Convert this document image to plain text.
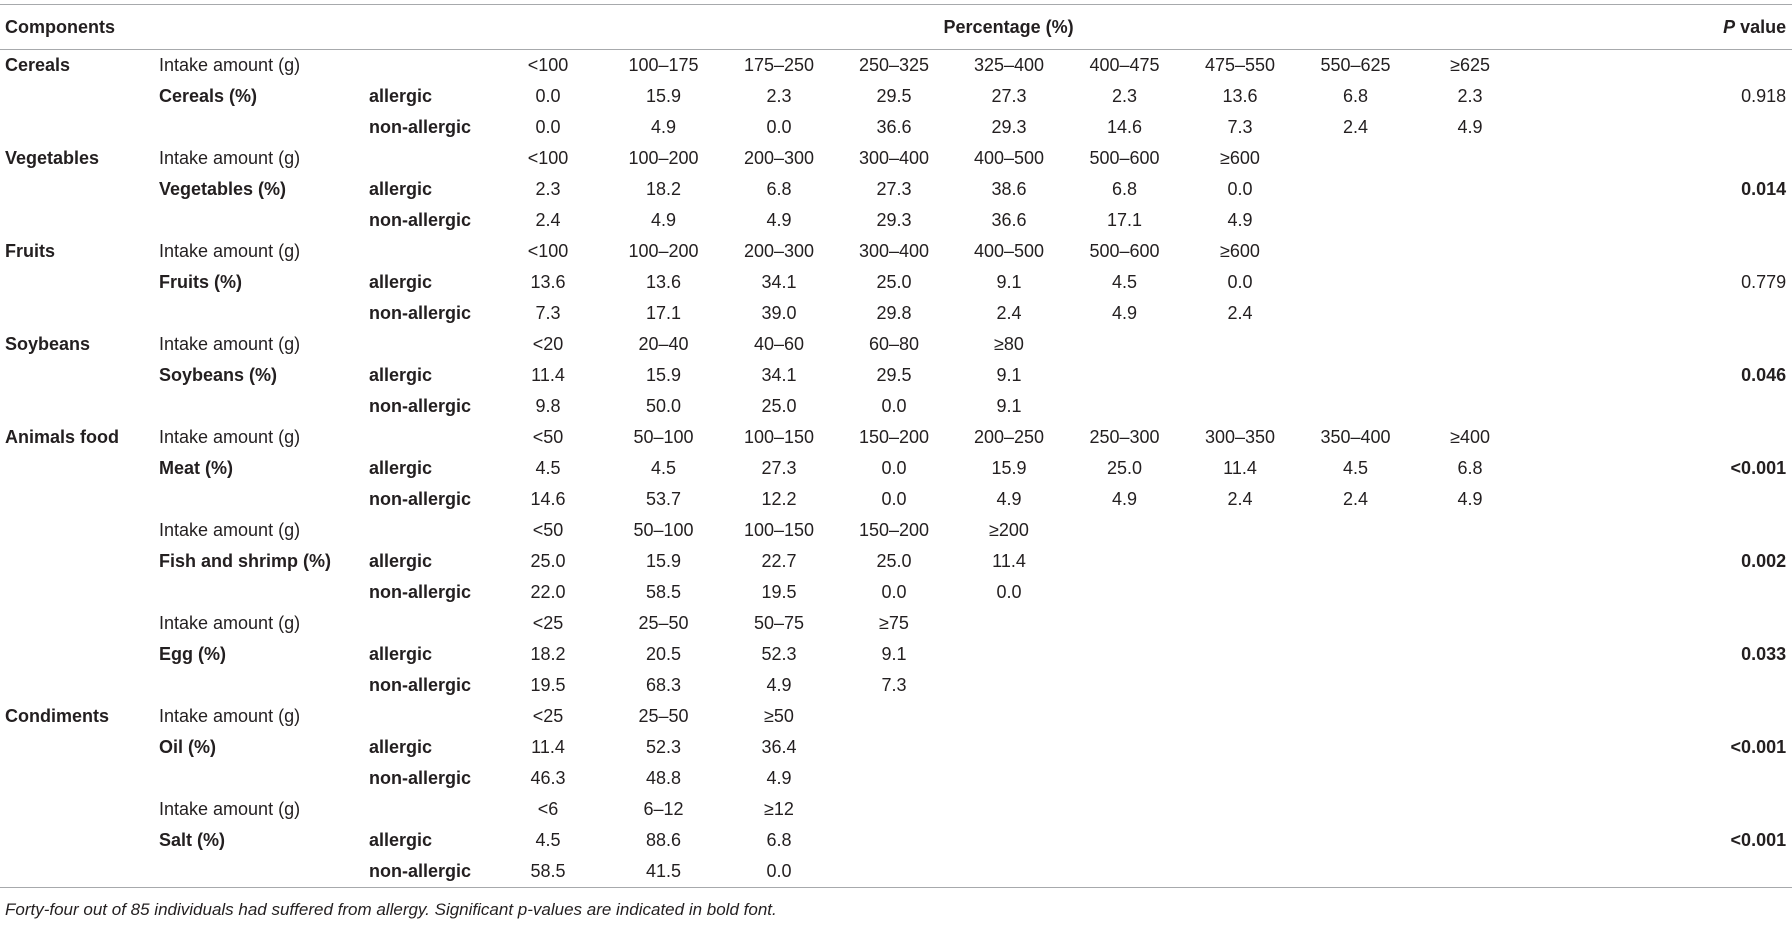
Components			Percentage (%)									P value
Cereals	Intake amount (g)		<100	100–175	175–250	250–325	325–400	400–475	475–550	550–625	≥625	
	Cereals (%)	allergic	0.0	15.9	2.3	29.5	27.3	2.3	13.6	6.8	2.3	0.918
		non-allergic	0.0	4.9	0.0	36.6	29.3	14.6	7.3	2.4	4.9	
Vegetables	Intake amount (g)		<100	100–200	200–300	300–400	400–500	500–600	≥600			
	Vegetables (%)	allergic	2.3	18.2	6.8	27.3	38.6	6.8	0.0			0.014
		non-allergic	2.4	4.9	4.9	29.3	36.6	17.1	4.9			
Fruits	Intake amount (g)		<100	100–200	200–300	300–400	400–500	500–600	≥600			
	Fruits (%)	allergic	13.6	13.6	34.1	25.0	9.1	4.5	0.0			0.779
		non-allergic	7.3	17.1	39.0	29.8	2.4	4.9	2.4			
Soybeans	Intake amount (g)		<20	20–40	40–60	60–80	≥80					
	Soybeans (%)	allergic	11.4	15.9	34.1	29.5	9.1					0.046
		non-allergic	9.8	50.0	25.0	0.0	9.1					
Animals food	Intake amount (g)		<50	50–100	100–150	150–200	200–250	250–300	300–350	350–400	≥400	
	Meat (%)	allergic	4.5	4.5	27.3	0.0	15.9	25.0	11.4	4.5	6.8	<0.001
		non-allergic	14.6	53.7	12.2	0.0	4.9	4.9	2.4	2.4	4.9	
	Intake amount (g)		<50	50–100	100–150	150–200	≥200					
	Fish and shrimp (%)	allergic	25.0	15.9	22.7	25.0	11.4					0.002
		non-allergic	22.0	58.5	19.5	0.0	0.0					
	Intake amount (g)		<25	25–50	50–75	≥75						
	Egg (%)	allergic	18.2	20.5	52.3	9.1						0.033
		non-allergic	19.5	68.3	4.9	7.3						
Condiments	Intake amount (g)		<25	25–50	≥50							
	Oil (%)	allergic	11.4	52.3	36.4							<0.001
		non-allergic	46.3	48.8	4.9							
	Intake amount (g)		<6	6–12	≥12							
	Salt (%)	allergic	4.5	88.6	6.8							<0.001
		non-allergic	58.5	41.5	0.0							
Forty-four out of 85 individuals had suffered from allergy. Significant p-values are indicated in bold font.
